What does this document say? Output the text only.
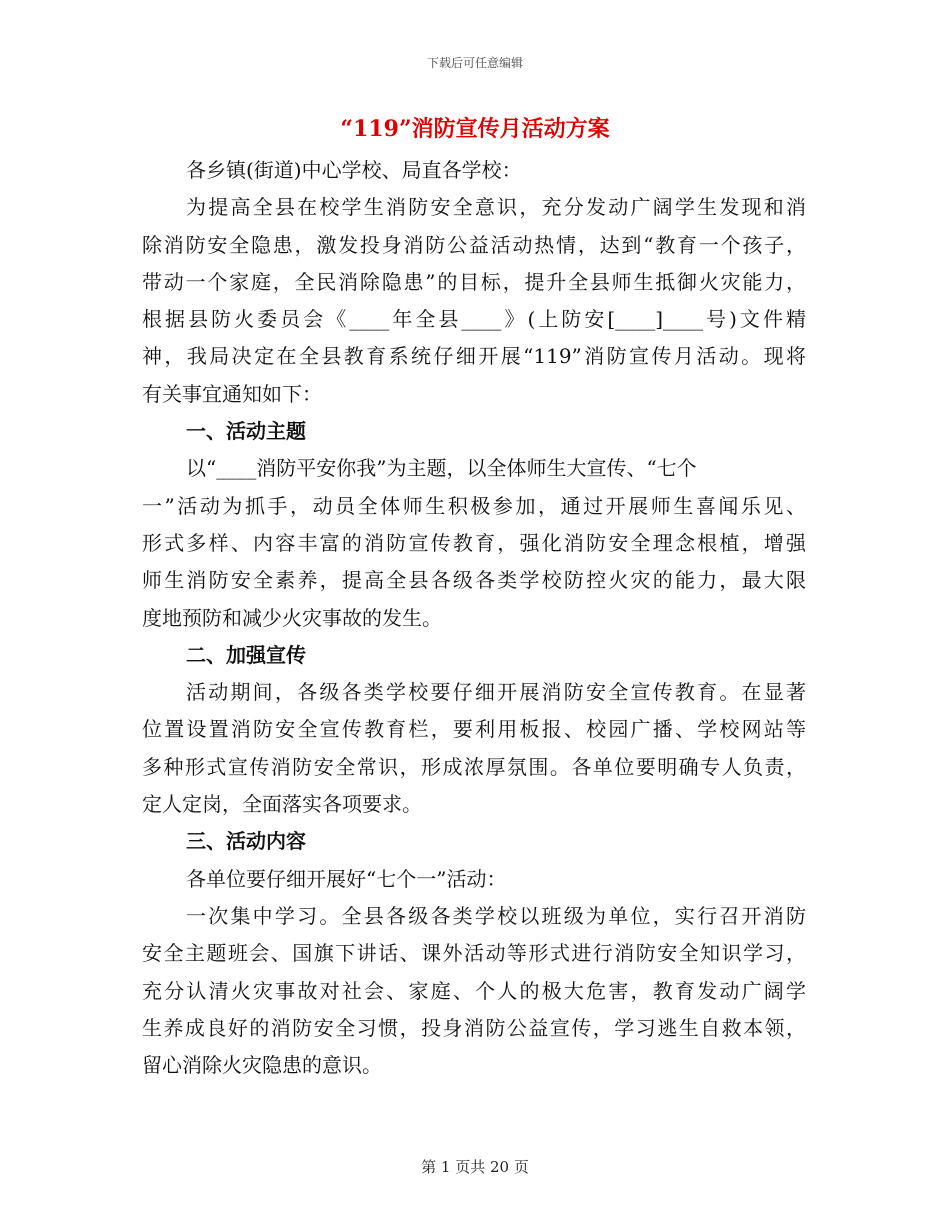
下载后可任意编辑
“119”消防宣传月活动方案
各乡镇(街道)中心学校、局直各学校：
为提高全县在校学生消防安全意识，充分发动广阔学生发现和消
除消防安全隐患，激发投身消防公益活动热情，达到“教育一个孩子，
带动一个家庭，全民消除隐患”的目标，提升全县师生抵御火灾能力，
根据县防火委员会《____年全县____》(上防安[____]____号)文件精
神，我局决定在全县教育系统仔细开展“119”消防宣传月活动。现将
有关事宜通知如下：
一、活动主题
以“____消防平安你我”为主题，以全体师生大宣传、“七个
一”活动为抓手，动员全体师生积极参加，通过开展师生喜闻乐见、
形式多样、内容丰富的消防宣传教育，强化消防安全理念根植，增强
师生消防安全素养，提高全县各级各类学校防控火灾的能力，最大限
度地预防和减少火灾事故的发生。
二、加强宣传
活动期间，各级各类学校要仔细开展消防安全宣传教育。在显著
位置设置消防安全宣传教育栏，要利用板报、校园广播、学校网站等
多种形式宣传消防安全常识，形成浓厚氛围。各单位要明确专人负责，
定人定岗，全面落实各项要求。
三、活动内容
各单位要仔细开展好“七个一”活动：
一次集中学习。全县各级各类学校以班级为单位，实行召开消防
安全主题班会、国旗下讲话、课外活动等形式进行消防安全知识学习，
充分认清火灾事故对社会、家庭、个人的极大危害，教育发动广阔学
生养成良好的消防安全习惯，投身消防公益宣传，学习逃生自救本领，
留心消除火灾隐患的意识。
第 1 页共 20 页
